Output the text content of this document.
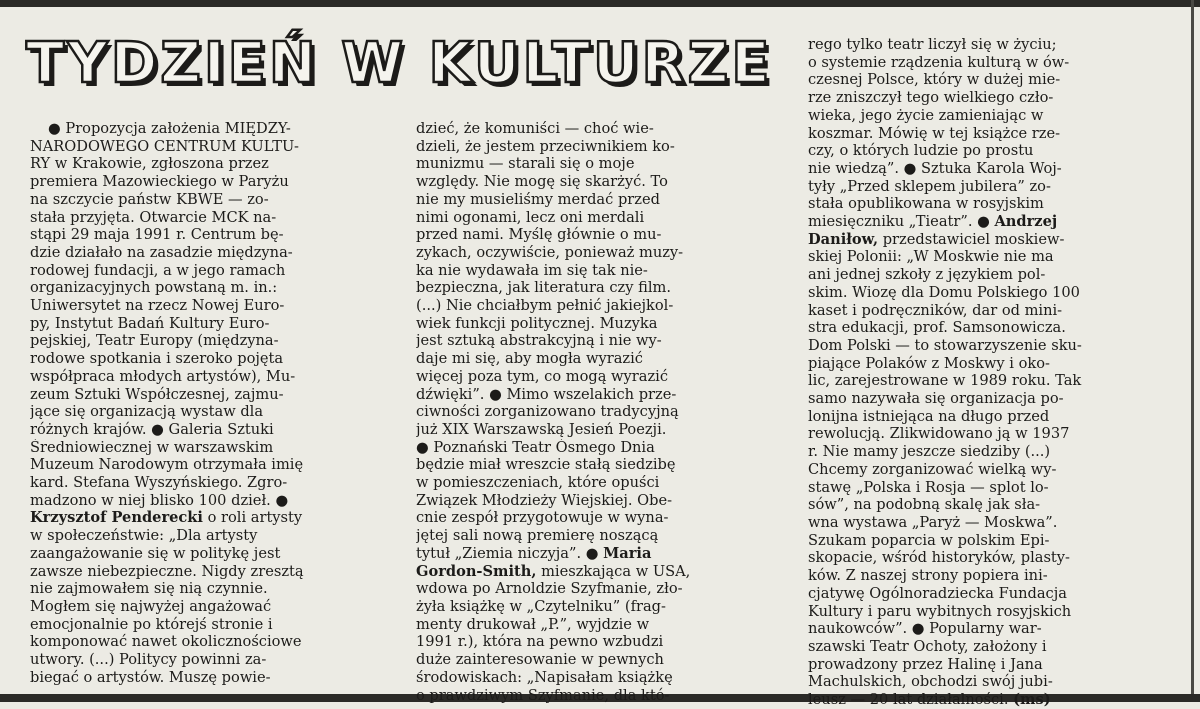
TYDZIEŃ W KULTURZE
● Propozycja założenia MIĘDZY-
NARODOWEGO CENTRUM KULTU-
RY w Krakowie, zgłoszona przez
premiera Mazowieckiego w Paryżu
na szczycie państw KBWE — zo-
stała przyjęta. Otwarcie MCK na-
stąpi 29 maja 1991 r. Centrum bę-
dzie działało na zasadzie międzyna-
rodowej fundacji, a w jego ramach
organizacyjnych powstaną m. in.:
Uniwersytet na rzecz Nowej Euro-
py, Instytut Badań Kultury Euro-
pejskiej, Teatr Europy (międzyna-
rodowe spotkania i szeroko pojęta
współpraca młodych artystów), Mu-
zeum Sztuki Współczesnej, zajmu-
jące się organizacją wystaw dla
różnych krajów. ● Galeria Sztuki
Średniowiecznej w warszawskim
Muzeum Narodowym otrzymała imię
kard. Stefana Wyszyńskiego. Zgro-
madzono w niej blisko 100 dzieł. ●
Krzysztof Penderecki o roli artysty
w społeczeństwie: „Dla artysty
zaangażowanie się w politykę jest
zawsze niebezpieczne. Nigdy zresztą
nie zajmowałem się nią czynnie.
Mogłem się najwyżej angażować
emocjonalnie po którejś stronie i
komponować nawet okolicznościowe
utwory. (...) Politycy powinni za-
biegać o artystów. Muszę powie-
dzieć, że komuniści — choć wie-
dzieli, że jestem przeciwnikiem ko-
munizmu — starali się o moje
względy. Nie mogę się skarżyć. To
nie my musieliśmy merdać przed
nimi ogonami, lecz oni merdali
przed nami. Myślę głównie o mu-
zykach, oczywiście, ponieważ muzy-
ka nie wydawała im się tak nie-
bezpieczna, jak literatura czy film.
(...) Nie chciałbym pełnić jakiejkol-
wiek funkcji politycznej. Muzyka
jest sztuką abstrakcyjną i nie wy-
daje mi się, aby mogła wyrazić
więcej poza tym, co mogą wyrazić
dźwięki”. ● Mimo wszelakich prze-
ciwności zorganizowano tradycyjną
już XIX Warszawską Jesień Poezji.
● Poznański Teatr Ósmego Dnia
będzie miał wreszcie stałą siedzibę
w pomieszczeniach, które opuści
Związek Młodzieży Wiejskiej. Obe-
cnie zespół przygotowuje w wyna-
jętej sali nową premierę noszącą
tytuł „Ziemia niczyja”. ● Maria
Gordon-Smith, mieszkająca w USA,
wdowa po Arnoldzie Szyfmanie, zło-
żyła książkę w „Czytelniku” (frag-
menty drukował „P.”, wyjdzie w
1991 r.), która na pewno wzbudzi
duże zainteresowanie w pewnych
środowiskach: „Napisałam książkę
o prawdziwym Szyfmanie, dla któ-
rego tylko teatr liczył się w życiu;
o systemie rządzenia kulturą w ów-
czesnej Polsce, który w dużej mie-
rze zniszczył tego wielkiego czło-
wieka, jego życie zamieniając w
koszmar. Mówię w tej książce rze-
czy, o których ludzie po prostu
nie wiedzą”. ● Sztuka Karola Woj-
tyły „Przed sklepem jubilera” zo-
stała opublikowana w rosyjskim
miesięczniku „Tieatr”. ● Andrzej
Daniłow, przedstawiciel moskiew-
skiej Polonii: „W Moskwie nie ma
ani jednej szkoły z językiem pol-
skim. Wiozę dla Domu Polskiego 100
kaset i podręczników, dar od mini-
stra edukacji, prof. Samsonowicza.
Dom Polski — to stowarzyszenie sku-
piające Polaków z Moskwy i oko-
lic, zarejestrowane w 1989 roku. Tak
samo nazywała się organizacja po-
lonijna istniejąca na długo przed
rewolucją. Zlikwidowano ją w 1937
r. Nie mamy jeszcze siedziby (...)
Chcemy zorganizować wielką wy-
stawę „Polska i Rosja — splot lo-
sów”, na podobną skalę jak sła-
wna wystawa „Paryż — Moskwa”.
Szukam poparcia w polskim Epi-
skopacie, wśród historyków, plasty-
ków. Z naszej strony popiera ini-
cjatywę Ogólnoradziecka Fundacja
Kultury i paru wybitnych rosyjskich
naukowców”. ● Popularny war-
szawski Teatr Ochoty, założony i
prowadzony przez Halinę i Jana
Machulskich, obchodzi swój jubi-
leusz — 20 lat działalności. (ms)
